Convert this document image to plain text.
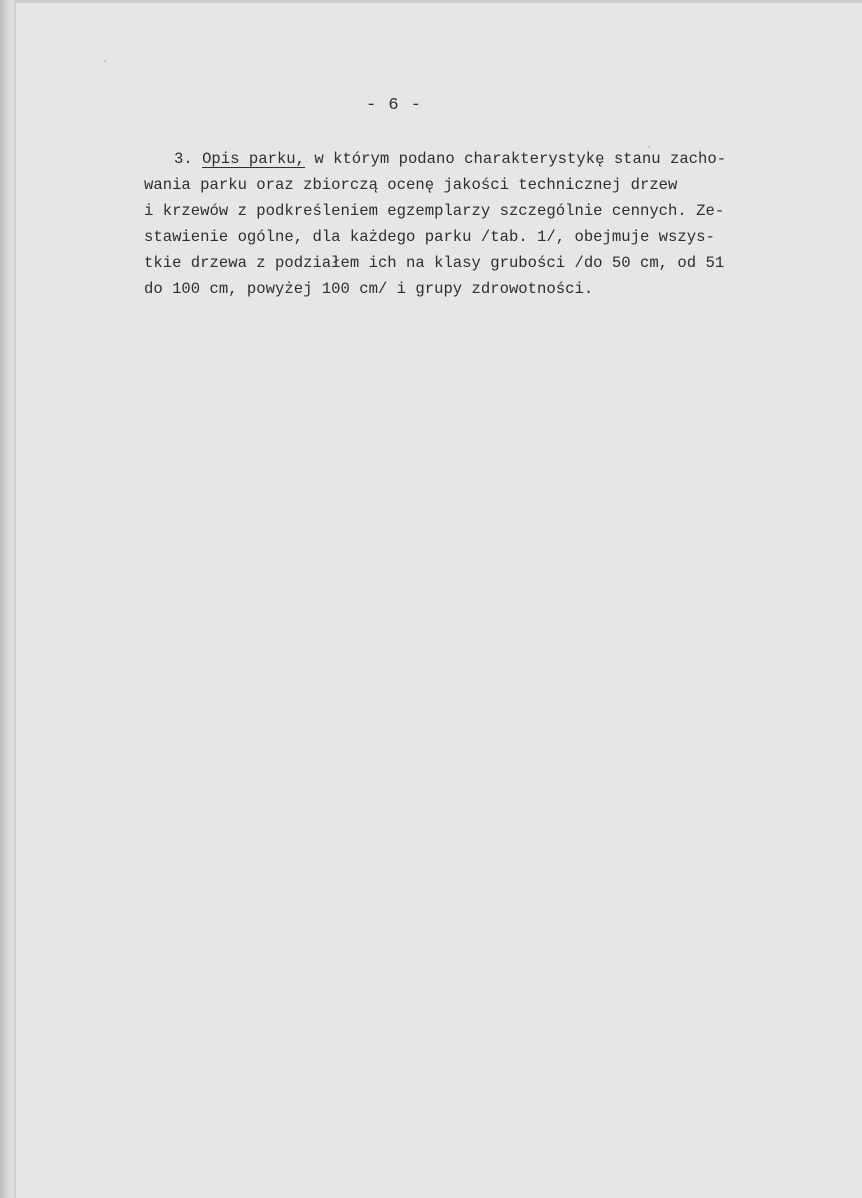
- 6 -
3. Opis parku, w którym podano charakterystykę stanu zacho-
wania parku oraz zbiorczą ocenę jakości technicznej drzew
i krzewów z podkreśleniem egzemplarzy szczególnie cennych. Ze-
stawienie ogólne, dla każdego parku /tab. 1/, obejmuje wszys-
tkie drzewa z podziałem ich na klasy grubości /do 50 cm, od 51
do 100 cm, powyżej 100 cm/ i grupy zdrowotności.
